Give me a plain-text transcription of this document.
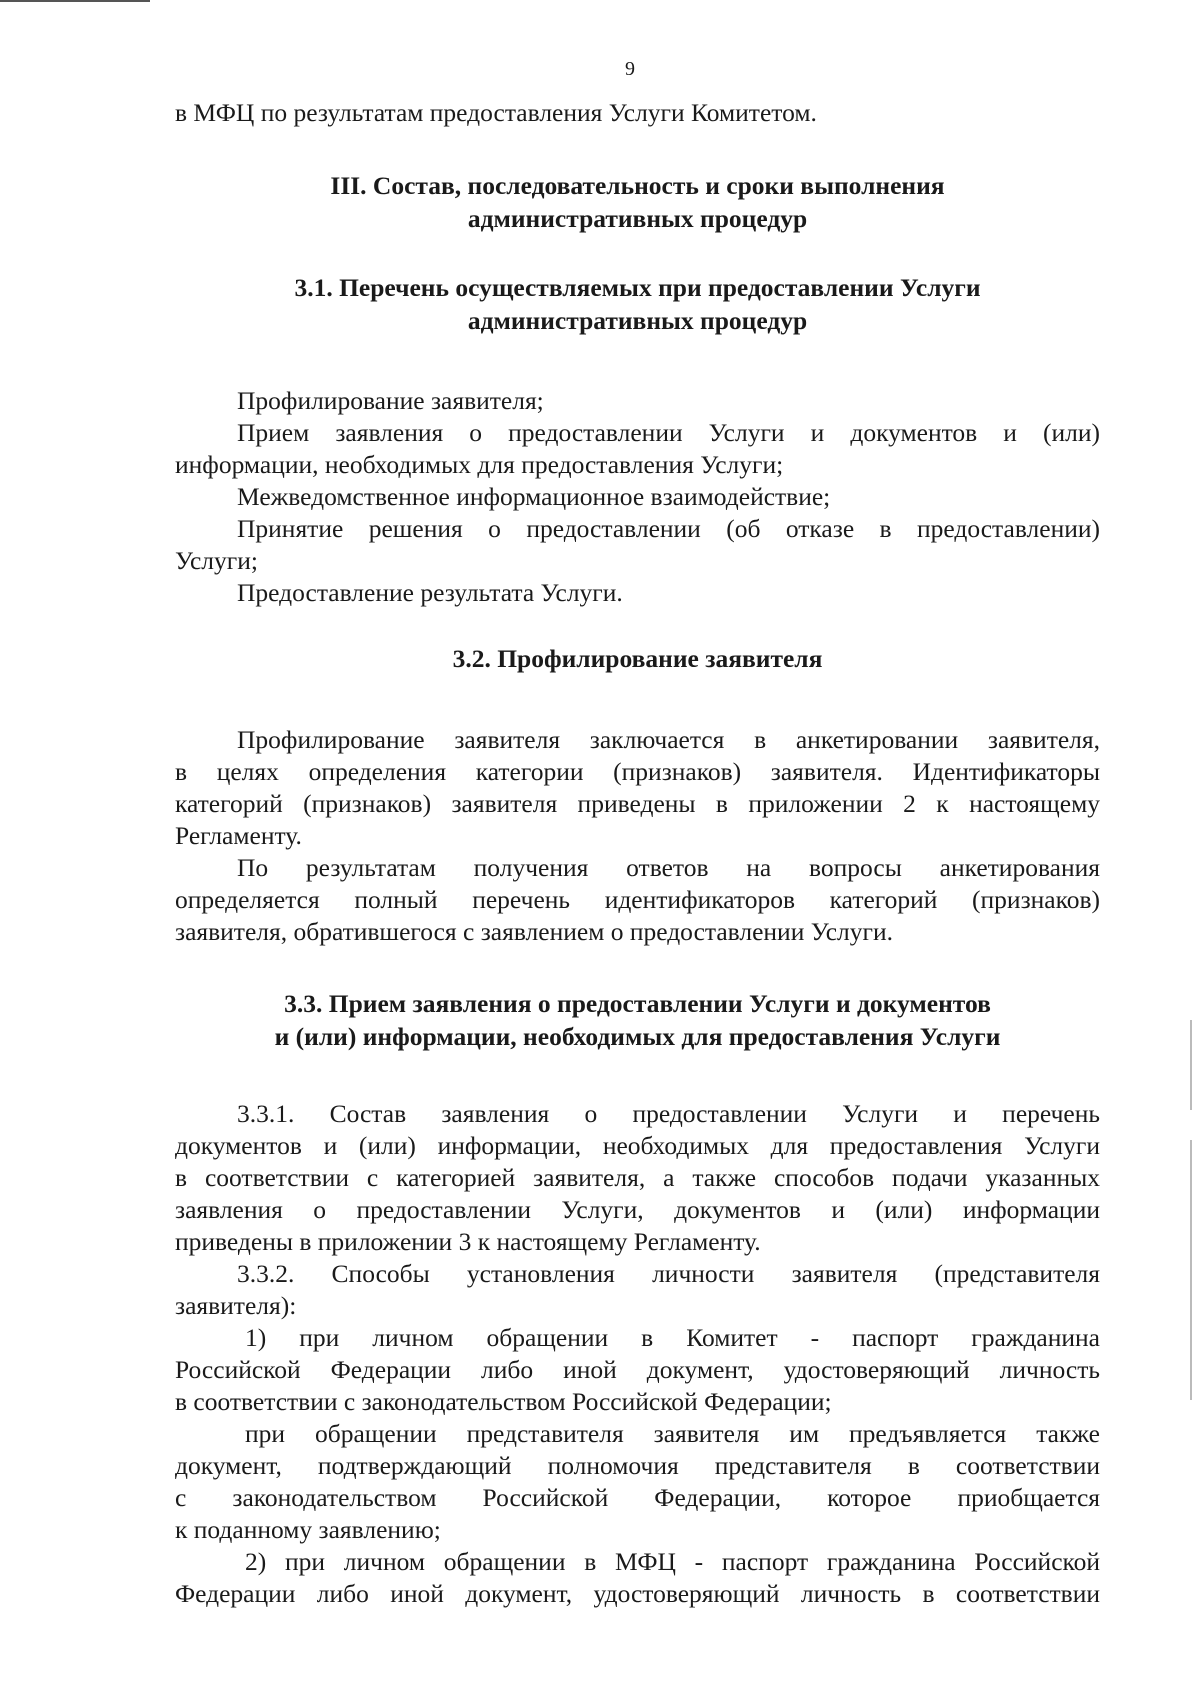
9

в МФЦ по результатам предоставления Услуги Комитетом.

III. Состав, последовательность и сроки выполнения
административных процедур
3.1. Перечень осуществляемых при предоставлении Услуги
административных процедур

Профилирование заявителя;

Прием заявления о предоставлении Услуги и документов и (или)

информации, необходимых для предоставления Услуги;

Межведомственное информационное взаимодействие;

Принятие решения о предоставлении (об отказе в предоставлении)

Услуги;

Предоставление результата Услуги.

3.2. Профилирование заявителя

Профилирование заявителя заключается в анкетировании заявителя,

в целях определения категории (признаков) заявителя. Идентификаторы

категорий (признаков) заявителя приведены в приложении 2 к настоящему

Регламенту.

По результатам получения ответов на вопросы анкетирования

определяется полный перечень идентификаторов категорий (признаков)

заявителя, обратившегося с заявлением о предоставлении Услуги.

3.3. Прием заявления о предоставлении Услуги и документов
и (или) информации, необходимых для предоставления Услуги

3.3.1. Состав заявления о предоставлении Услуги и перечень

документов и (или) информации, необходимых для предоставления Услуги

в соответствии с категорией заявителя, а также способов подачи указанных

заявления о предоставлении Услуги, документов и (или) информации

приведены в приложении 3 к настоящему Регламенту.

3.3.2. Способы установления личности заявителя (представителя

заявителя):

1) при личном обращении в Комитет - паспорт гражданина

Российской Федерации либо иной документ, удостоверяющий личность

в соответствии с законодательством Российской Федерации;

при обращении представителя заявителя им предъявляется также

документ, подтверждающий полномочия представителя в соответствии

с законодательством Российской Федерации, которое приобщается

к поданному заявлению;

2) при личном обращении в МФЦ - паспорт гражданина Российской

Федерации либо иной документ, удостоверяющий личность в соответствии
